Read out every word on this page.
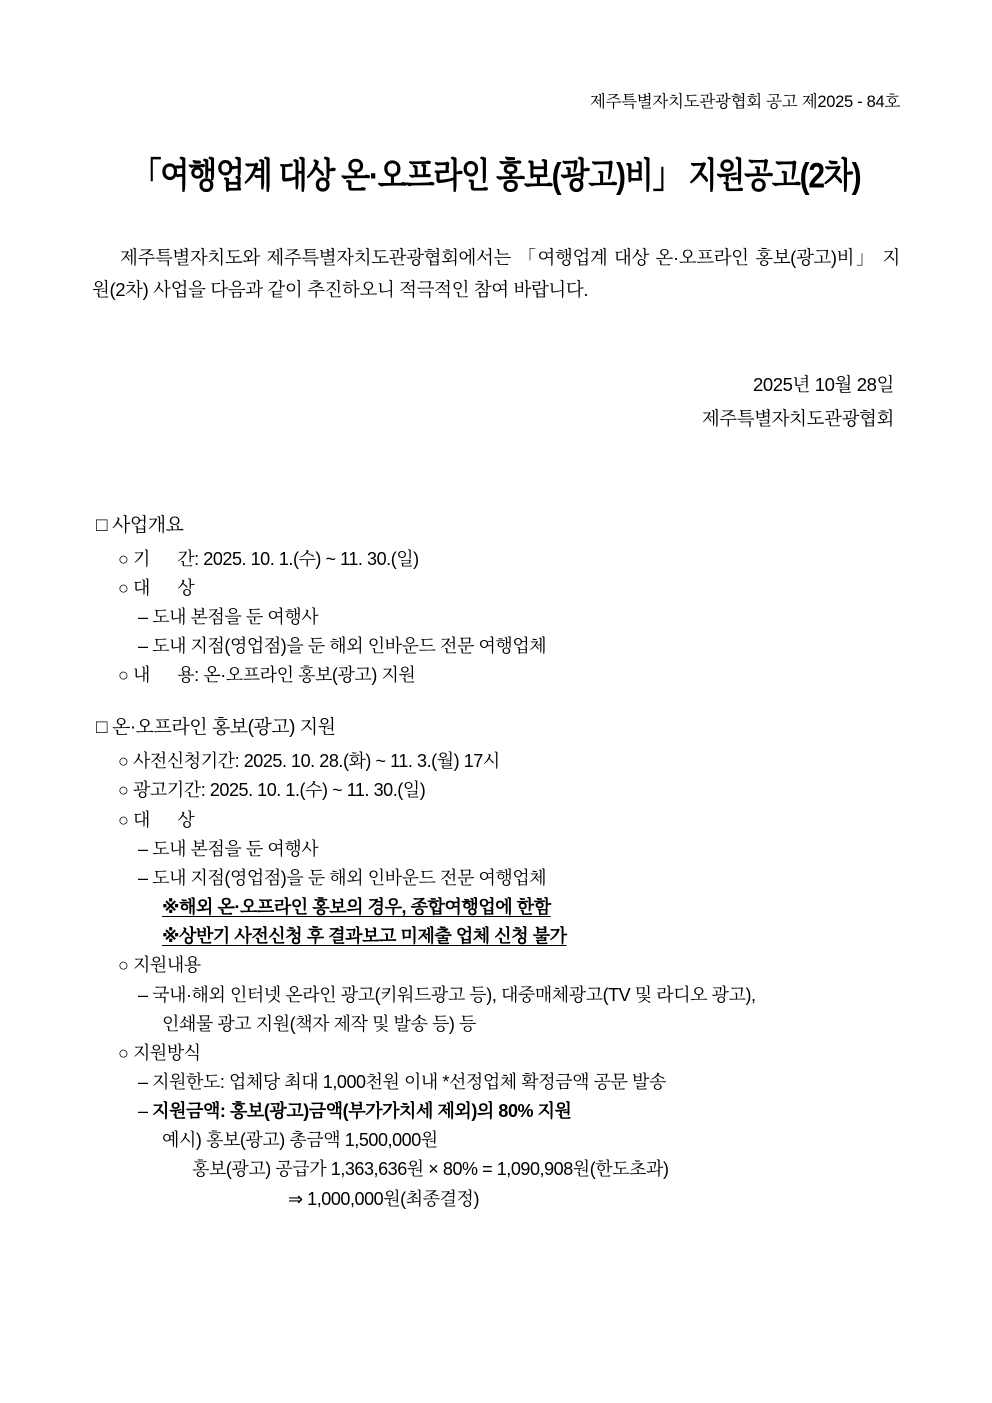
제주특별자치도관광협회 공고 제2025 - 84호
「여행업계 대상 온·오프라인 홍보(광고)비」 지원공고(2차)

제주특별자치도와 제주특별자치도관광협회에서는 「여행업계 대상 온·오프라인 홍보(광고)비」 지원(2차) 사업을 다음과 같이 추진하오니 적극적인 참여 바랍니다.

2025년 10월 28일
제주특별자치도관광협회
□ 사업개요
○ 기      간: 2025. 10. 1.(수) ~ 11. 30.(일)
○ 대      상
– 도내 본점을 둔 여행사
– 도내 지점(영업점)을 둔 해외 인바운드 전문 여행업체
○ 내      용: 온·오프라인 홍보(광고) 지원
□ 온·오프라인 홍보(광고) 지원
○ 사전신청기간: 2025. 10. 28.(화) ~ 11. 3.(월) 17시
○ 광고기간: 2025. 10. 1.(수) ~ 11. 30.(일)
○ 대      상
– 도내 본점을 둔 여행사
– 도내 지점(영업점)을 둔 해외 인바운드 전문 여행업체
※해외 온·오프라인 홍보의 경우, 종합여행업에 한함
※상반기 사전신청 후 결과보고 미제출 업체 신청 불가
○ 지원내용
– 국내·해외 인터넷 온라인 광고(키워드광고 등), 대중매체광고(TV 및 라디오 광고),
인쇄물 광고 지원(책자 제작 및 발송 등) 등
○ 지원방식
– 지원한도: 업체당 최대 1,000천원 이내 *선정업체 확정금액 공문 발송
– 지원금액: 홍보(광고)금액(부가가치세 제외)의 80% 지원
예시) 홍보(광고) 총금액 1,500,000원
홍보(광고) 공급가 1,363,636원 × 80% = 1,090,908원(한도초과)
⇒ 1,000,000원(최종결정)
